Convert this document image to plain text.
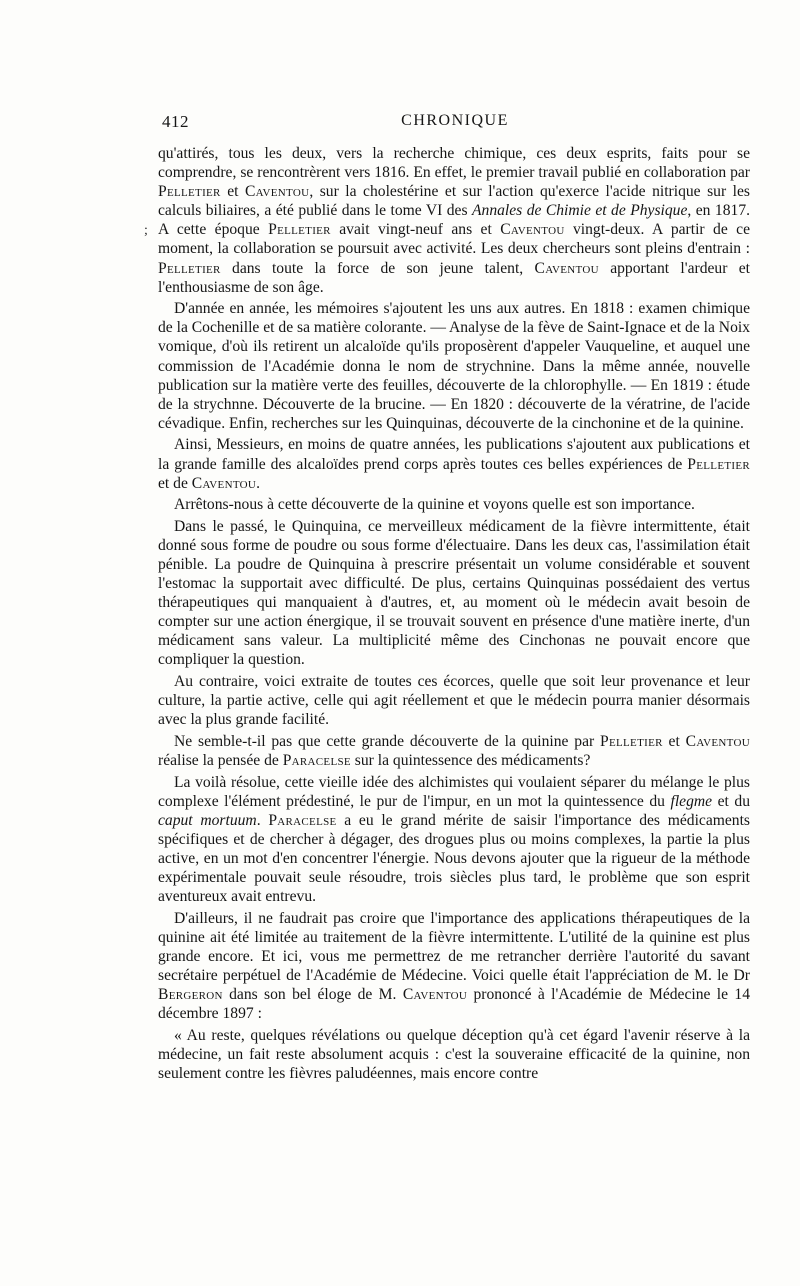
412	CHRONIQUE
;

qu'attirés, tous les deux, vers la recherche chimique, ces deux esprits, faits pour se comprendre, se rencontrèrent vers 1816. En effet, le premier travail publié en collaboration par Pelletier et Caventou, sur la cholestérine et sur l'action qu'exerce l'acide nitrique sur les calculs biliaires, a été publié dans le tome VI des Annales de Chimie et de Physique, en 1817. A cette époque Pelletier avait vingt-neuf ans et Caventou vingt-deux. A partir de ce moment, la collaboration se poursuit avec activité. Les deux chercheurs sont pleins d'entrain : Pelletier dans toute la force de son jeune talent, Caventou apportant l'ardeur et l'enthousiasme de son âge.

D'année en année, les mémoires s'ajoutent les uns aux autres. En 1818 : examen chimique de la Cochenille et de sa matière colorante. — Analyse de la fève de Saint-Ignace et de la Noix vomique, d'où ils retirent un alcaloïde qu'ils proposèrent d'appeler Vauqueline, et auquel une commission de l'Académie donna le nom de strychnine. Dans la même année, nouvelle publication sur la matière verte des feuilles, découverte de la chlorophylle. — En 1819 : étude de la strychnne. Découverte de la brucine. — En 1820 : découverte de la vératrine, de l'acide cévadique. Enfin, recherches sur les Quinquinas, découverte de la cinchonine et de la quinine.

Ainsi, Messieurs, en moins de quatre années, les publications s'ajoutent aux publications et la grande famille des alcaloïdes prend corps après toutes ces belles expériences de Pelletier et de Caventou.

Arrêtons-nous à cette découverte de la quinine et voyons quelle est son importance.

Dans le passé, le Quinquina, ce merveilleux médicament de la fièvre intermittente, était donné sous forme de poudre ou sous forme d'électuaire. Dans les deux cas, l'assimilation était pénible. La poudre de Quinquina à prescrire présentait un volume considérable et souvent l'estomac la supportait avec difficulté. De plus, certains Quinquinas possédaient des vertus thérapeutiques qui manquaient à d'autres, et, au moment où le médecin avait besoin de compter sur une action énergique, il se trouvait souvent en présence d'une matière inerte, d'un médicament sans valeur. La multiplicité même des Cinchonas ne pouvait encore que compliquer la question.

Au contraire, voici extraite de toutes ces écorces, quelle que soit leur provenance et leur culture, la partie active, celle qui agit réellement et que le médecin pourra manier désormais avec la plus grande facilité.

Ne semble-t-il pas que cette grande découverte de la quinine par Pelletier et Caventou réalise la pensée de Paracelse sur la quintessence des médicaments?

La voilà résolue, cette vieille idée des alchimistes qui voulaient séparer du mélange le plus complexe l'élément prédestiné, le pur de l'impur, en un mot la quintessence du flegme et du caput mortuum. Paracelse a eu le grand mérite de saisir l'importance des médicaments spécifiques et de chercher à dégager, des drogues plus ou moins complexes, la partie la plus active, en un mot d'en concentrer l'énergie. Nous devons ajouter que la rigueur de la méthode expérimentale pouvait seule résoudre, trois siècles plus tard, le problème que son esprit aventureux avait entrevu.

D'ailleurs, il ne faudrait pas croire que l'importance des applications thérapeutiques de la quinine ait été limitée au traitement de la fièvre intermittente. L'utilité de la quinine est plus grande encore. Et ici, vous me permettrez de me retrancher derrière l'autorité du savant secrétaire perpétuel de l'Académie de Médecine. Voici quelle était l'appréciation de M. le Dr Bergeron dans son bel éloge de M. Caventou prononcé à l'Académie de Médecine le 14 décembre 1897 :

« Au reste, quelques révélations ou quelque déception qu'à cet égard l'avenir réserve à la médecine, un fait reste absolument acquis : c'est la souveraine efficacité de la quinine, non seulement contre les fièvres paludéennes, mais encore contre
